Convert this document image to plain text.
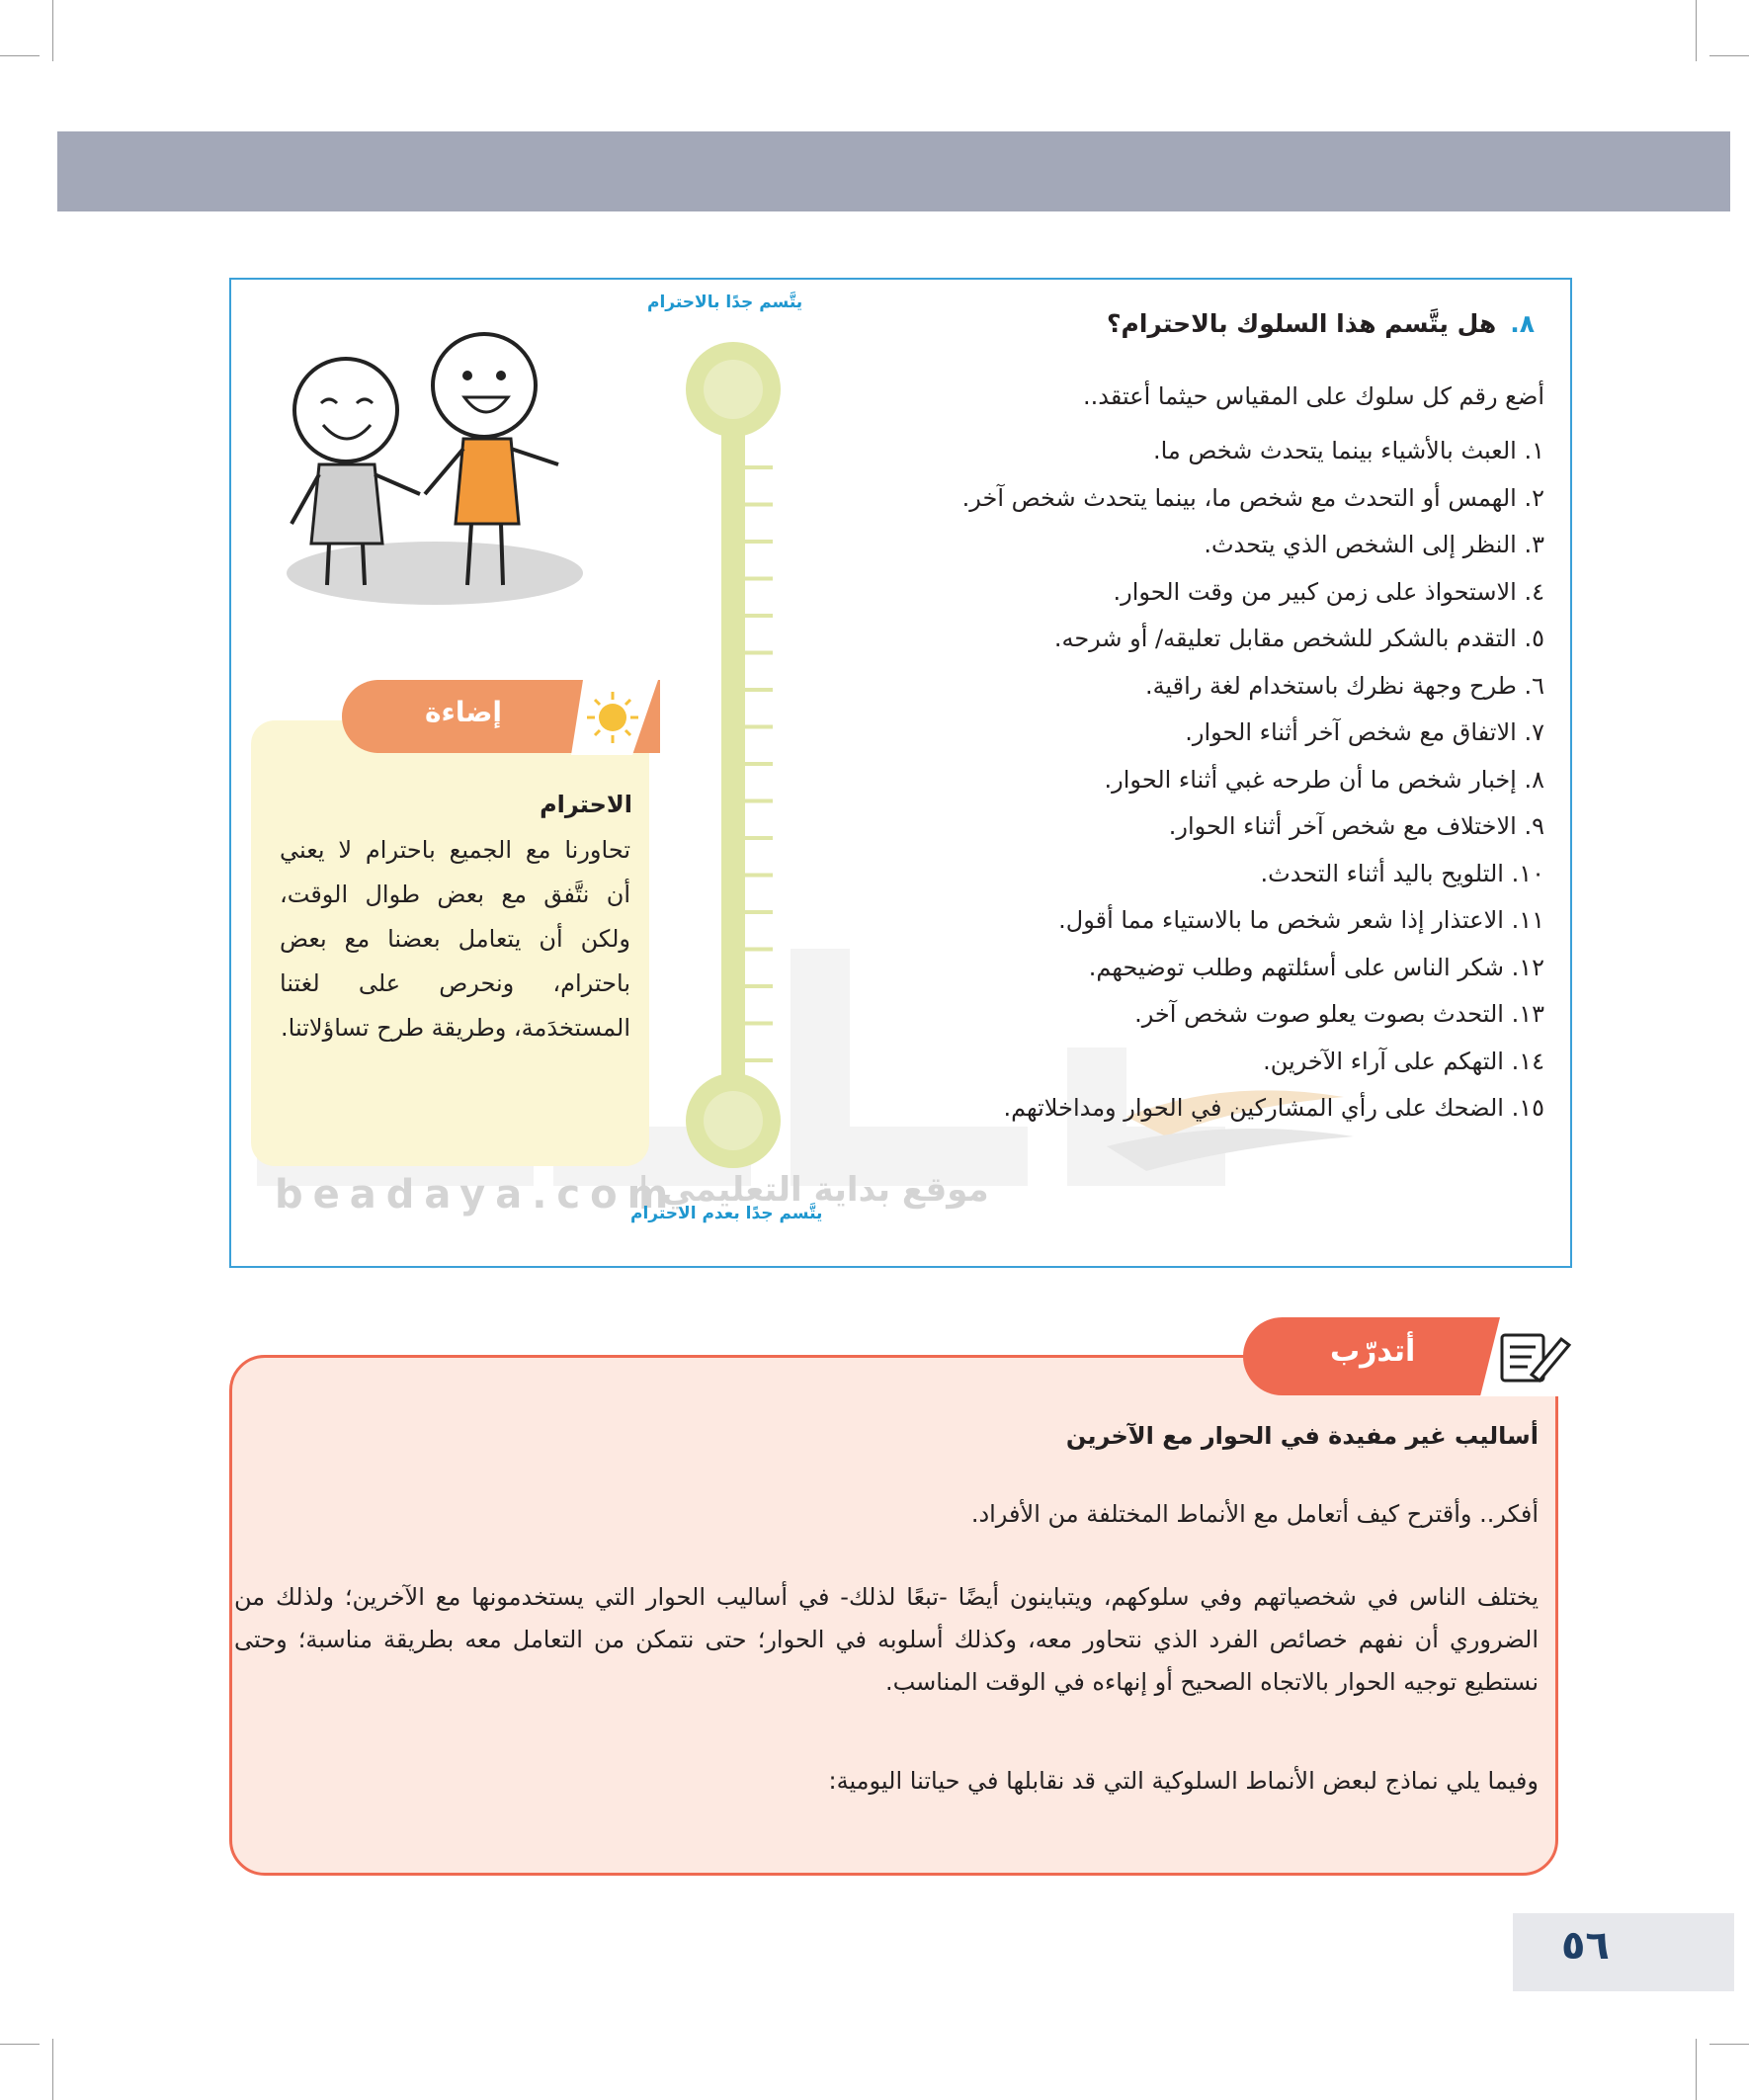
beadaya.com
موقع بداية التعليمي |
٨.هل يتَّسم هذا السلوك بالاحترام؟
أضع رقم كل سلوك على المقياس حيثما أعتقد..
١. العبث بالأشياء بينما يتحدث شخص ما.
٢. الهمس أو التحدث مع شخص ما، بينما يتحدث شخص آخر.
٣. النظر إلى الشخص الذي يتحدث.
٤. الاستحواذ على زمن كبير من وقت الحوار.
٥. التقدم بالشكر للشخص مقابل تعليقه/ أو شرحه.
٦. طرح وجهة نظرك باستخدام لغة راقية.
٧. الاتفاق مع شخص آخر أثناء الحوار.
٨. إخبار شخص ما أن طرحه غبي أثناء الحوار.
٩. الاختلاف مع شخص آخر أثناء الحوار.
١٠. التلويح باليد أثناء التحدث.
١١. الاعتذار إذا شعر شخص ما بالاستياء مما أقول.
١٢. شكر الناس على أسئلتهم وطلب توضيحهم.
١٣. التحدث بصوت يعلو صوت شخص آخر.
١٤. التهكم على آراء الآخرين.
١٥. الضحك على رأي المشاركين في الحوار ومداخلاتهم.
يتَّسم جدًا بالاحترام
يتَّسم جدًا بعدم الاحترام
إضاءة
الاحترام
تحاورنا مع الجميع باحترام لا يعني أن نتَّفق مع بعض طوال الوقت، ولكن أن يتعامل بعضنا مع بعض باحترام، ونحرص على لغتنا المستخدَمة، وطريقة طرح تساؤلاتنا.
أتدرّب
أساليب غير مفيدة في الحوار مع الآخرين
أفكر.. وأقترح كيف أتعامل مع الأنماط المختلفة من الأفراد.
يختلف الناس في شخصياتهم وفي سلوكهم، ويتباينون أيضًا -تبعًا لذلك- في أساليب الحوار التي يستخدمونها مع الآخرين؛ ولذلك من الضروري أن نفهم خصائص الفرد الذي نتحاور معه، وكذلك أسلوبه في الحوار؛ حتى نتمكن من التعامل معه بطريقة مناسبة؛ وحتى نستطيع توجيه الحوار بالاتجاه الصحيح أو إنهاءه في الوقت المناسب.
وفيما يلي نماذج لبعض الأنماط السلوكية التي قد نقابلها في حياتنا اليومية:
٥٦
